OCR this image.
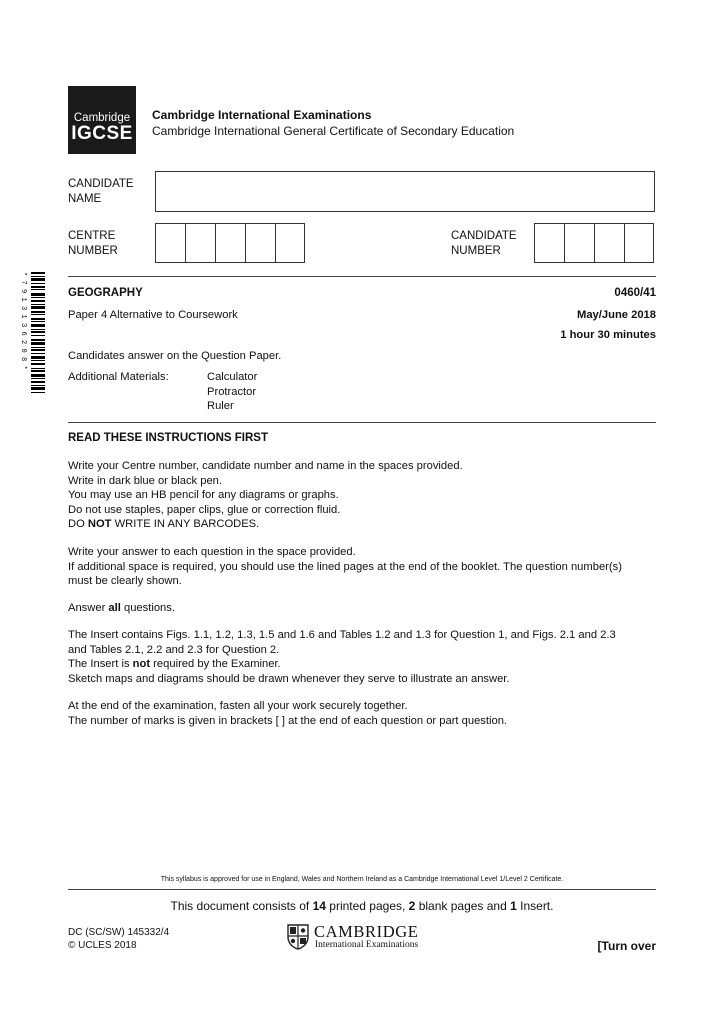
Cambridge
IGCSE
Cambridge International Examinations
Cambridge International General Certificate of Secondary Education
CANDIDATE
NAME
CENTRE
NUMBER
CANDIDATE
NUMBER
*7913136208*	GEOGRAPHY	0460/41
Paper 4 Alternative to Coursework	May/June 2018
1 hour 30 minutes
Candidates answer on the Question Paper.
Additional Materials:	Calculator
Protractor
Ruler
READ THESE INSTRUCTIONS FIRST
Write your Centre number, candidate number and name in the spaces provided.
Write in dark blue or black pen.
You may use an HB pencil for any diagrams or graphs.
Do not use staples, paper clips, glue or correction fluid.
DO NOT WRITE IN ANY BARCODES.
Write your answer to each question in the space provided.
If additional space is required, you should use the lined pages at the end of the booklet. The question number(s)
must be clearly shown.
Answer all questions.
The Insert contains Figs. 1.1, 1.2, 1.3, 1.5 and 1.6 and Tables 1.2 and 1.3 for Question 1, and Figs. 2.1 and 2.3
and Tables 2.1, 2.2 and 2.3 for Question 2.
The Insert is not required by the Examiner.
Sketch maps and diagrams should be drawn whenever they serve to illustrate an answer.
At the end of the examination, fasten all your work securely together.
The number of marks is given in brackets [ ] at the end of each question or part question.
This syllabus is approved for use in England, Wales and Northern Ireland as a Cambridge International Level 1/Level 2 Certificate.
This document consists of 14 printed pages, 2 blank pages and 1 Insert.
DC (SC/SW) 145332/4
© UCLES 2018
CAMBRIDGE
International Examinations	[Turn over
